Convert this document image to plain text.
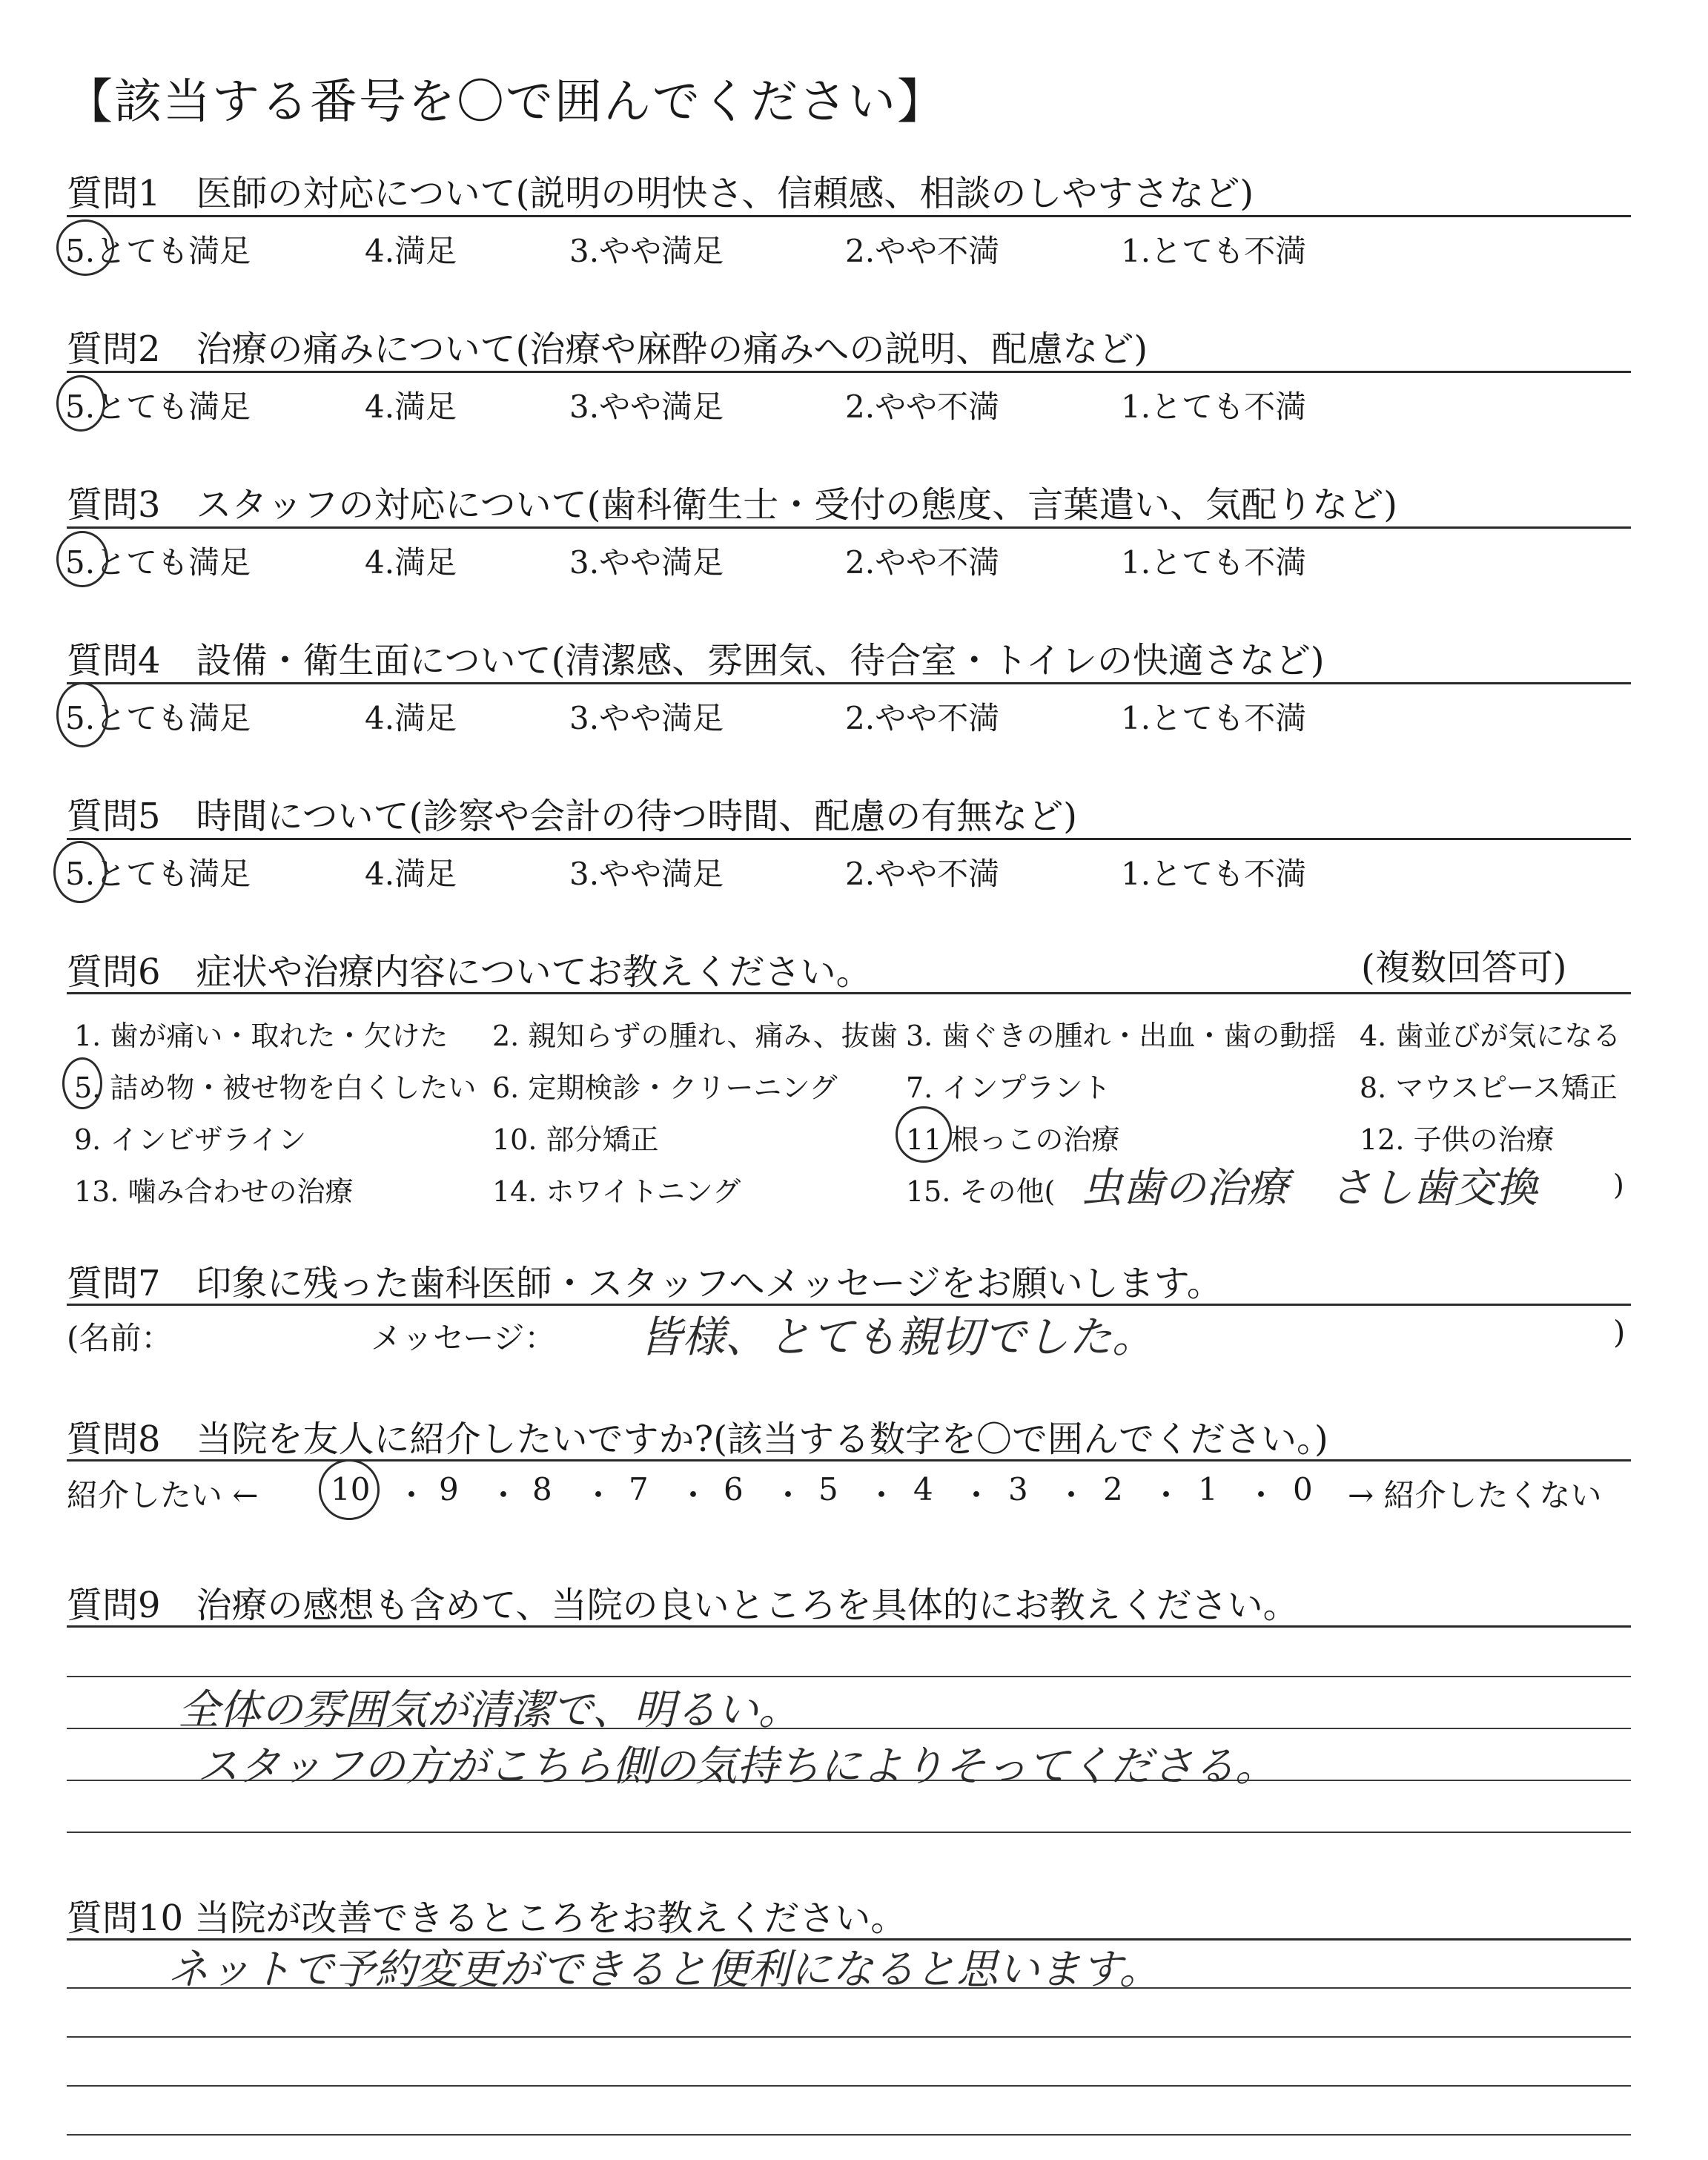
【該当する番号を〇で囲んでください】
質問1　医師の対応について(説明の明快さ、信頼感、相談のしやすさなど)
5.とても満足	4.満足	3.やや満足	2.やや不満	1.とても不満
質問2　治療の痛みについて(治療や麻酔の痛みへの説明、配慮など)
5.とても満足	4.満足	3.やや満足	2.やや不満	1.とても不満
質問3　スタッフの対応について(歯科衛生士・受付の態度、言葉遣い、気配りなど)
5.とても満足	4.満足	3.やや満足	2.やや不満	1.とても不満
質問4　設備・衛生面について(清潔感、雰囲気、待合室・トイレの快適さなど)
5.とても満足	4.満足	3.やや満足	2.やや不満	1.とても不満
質問5　時間について(診察や会計の待つ時間、配慮の有無など)
5.とても満足	4.満足	3.やや満足	2.やや不満	1.とても不満
質問6　症状や治療内容についてお教えください。	(複数回答可)
1. 歯が痛い・取れた・欠けた 2. 親知らずの腫れ、痛み、抜歯 3. 歯ぐきの腫れ・出血・歯の動揺 4. 歯並びが気になる
5. 詰め物・被せ物を白くしたい 6. 定期検診・クリーニング 7. インプラント	8. マウスピース矯正
9. インビザライン	10. 部分矯正	11 根っこの治療	12. 子供の治療
13. 噛み合わせの治療	14. ホワイトニング	15. その他( 虫歯の治療　さし歯交換	)
質問7　印象に残った歯科医師・スタッフへメッセージをお願いします。
(名前：	メッセージ： 皆様、とても親切でした。	)
質問8　当院を友人に紹介したいですか?(該当する数字を〇で囲んでください。)
紹介したい ← 10 ・ 9 ・ 8 ・ 7 ・ 6 ・ 5 ・ 4 ・ 3 ・ 2 ・ 1 ・ 0 → 紹介したくない
質問9　治療の感想も含めて、当院の良いところを具体的にお教えください。
全体の雰囲気が清潔で、明るい。
スタッフの方がこちら側の気持ちによりそってくださる。
質問10 当院が改善できるところをお教えください。
ネットで予約変更ができると便利になると思います。
